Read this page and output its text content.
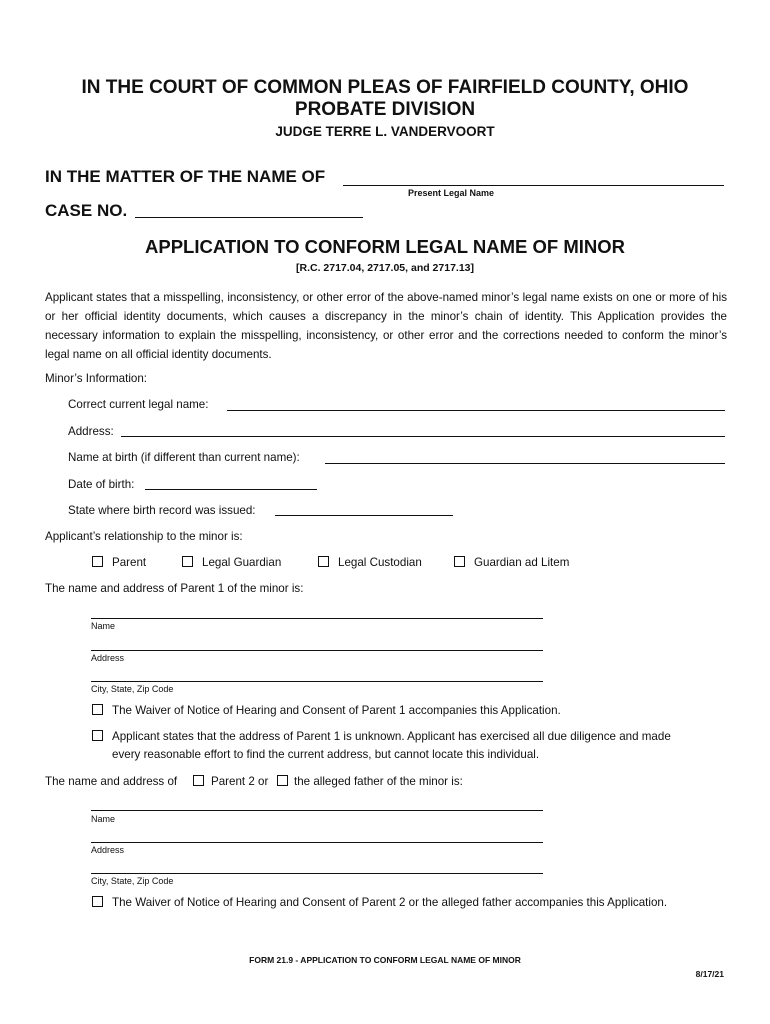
IN THE COURT OF COMMON PLEAS OF FAIRFIELD COUNTY, OHIO
PROBATE DIVISION
JUDGE TERRE L. VANDERVOORT
IN THE MATTER OF THE NAME OF
Present Legal Name
CASE NO.
APPLICATION TO CONFORM LEGAL NAME OF MINOR
[R.C. 2717.04, 2717.05, and 2717.13]
Applicant states that a misspelling, inconsistency, or other error of the above-named minor’s legal name exists on one or more of his or her official identity documents, which causes a discrepancy in the minor’s chain of identity. This Application provides the necessary information to explain the misspelling, inconsistency, or other error and the corrections needed to conform the minor’s legal name on all official identity documents.
Minor’s Information:
Correct current legal name:
Address:
Name at birth (if different than current name):
Date of birth:
State where birth record was issued:
Applicant’s relationship to the minor is:
Parent	Legal Guardian	Legal Custodian	Guardian ad Litem
The name and address of Parent 1 of the minor is:
Name
Address
City, State, Zip Code
The Waiver of Notice of Hearing and Consent of Parent 1 accompanies this Application.
Applicant states that the address of Parent 1 is unknown. Applicant has exercised all due diligence and made
every reasonable effort to find the current address, but cannot locate this individual.
The name and address of	Parent 2 or the alleged father of the minor is:
Name
Address
City, State, Zip Code
The Waiver of Notice of Hearing and Consent of Parent 2 or the alleged father accompanies this Application.
FORM 21.9 - APPLICATION TO CONFORM LEGAL NAME OF MINOR
8/17/21
